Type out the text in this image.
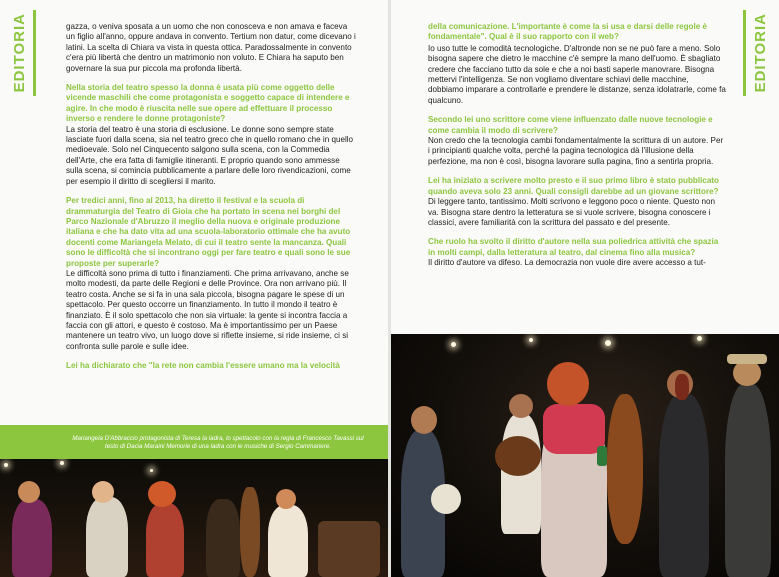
EDITORIA	gazza, o veniva sposata a un uomo che non conosceva e non amava e faceva un figlio all'anno, oppure andava in convento. Tertium non datur, come dicevano i latini. La scelta di Chiara va vista in questa ottica. Paradossalmente in convento c'era più libertà che dentro un matrimonio non voluto. E Chiara ha saputo ben governare la sua pur piccola ma profonda libertà.

Nella storia del teatro spesso la donna è usata più come oggetto delle vicende maschili che come protagonista e soggetto capace di intendere e agire. In che modo è riuscita nelle sue opere ad effettuare il processo inverso e rendere le donne protagoniste?

La storia del teatro è una storia di esclusione. Le donne sono sempre state lasciate fuori dalla scena, sia nel teatro greco che in quello romano che in quello medioevale. Solo nel Cinquecento salgono sulla scena, con la Commedia dell'Arte, che era fatta di famiglie itineranti. E proprio quando sono ammesse sulla scena, si comincia pubblicamente a parlare delle loro rivendicazioni, come per esempio il diritto di scegliersi il marito.

Per tredici anni, fino al 2013, ha diretto il festival e la scuola di drammaturgia del Teatro di Gioia che ha portato in scena nei borghi del Parco Nazionale d'Abruzzo il meglio della nuova e originale produzione italiana e che ha dato vita ad una scuola-laboratorio ottimale che ha avuto docenti come Mariangela Melato, di cui il teatro sente la mancanza. Quali sono le difficoltà che si incontrano oggi per fare teatro e quali sono le sue proposte per superarle?

Le difficoltà sono prima di tutto i finanziamenti. Che prima arrivavano, anche se molto modesti, da parte delle Regioni e delle Province. Ora non arrivano più. Il teatro costa. Anche se si fa in una sala piccola, bisogna pagare le spese di un spettacolo. Per questo occorre un finanziamento. In tutto il mondo il teatro è finanziato. È il solo spettacolo che non sia virtuale: la gente si incontra faccia a faccia con gli attori, e questo è costoso. Ma è importantissimo per un Paese mantenere un teatro vivo, un luogo dove si riflette insieme, si ride insieme, ci si confronta sulle parole e sulle idee.

Lei ha dichiarato che "la rete non cambia l'essere umano ma la velocità

Mariangela D'Abbraccio protagonista di Teresa la ladra, lo spettacolo con la regia di Francesco Tavassi sul testo di Dacia Maraini Memorie di una ladra con le musiche di Sergio Cammariere.
EDITORIA

della comunicazione. L'importante è come la si usa e darsi delle regole è fondamentale". Qual è il suo rapporto con il web?

Io uso tutte le comodità tecnologiche. D'altronde non se ne può fare a meno. Solo bisogna sapere che dietro le macchine c'è sempre la mano dell'uomo. È sbagliato credere che facciano tutto da sole e che a noi basti saperle manovrare. Bisogna mettervi l'intelligenza. Se non vogliamo diventare schiavi delle macchine, dobbiamo imparare a controllarle e prendere le distanze, senza idolatrarle, come fa qualcuno.

Secondo lei uno scrittore come viene influenzato dalle nuove tecnologie e come cambia il modo di scrivere?

Non credo che la tecnologia cambi fondamentalmente la scrittura di un autore. Per i principianti qualche volta, perché la pagina tecnologica dà l'illusione della perfezione, ma non è così, bisogna lavorare sulla pagina, fino a sentirla propria.

Lei ha iniziato a scrivere molto presto e il suo primo libro è stato pubblicato quando aveva solo 23 anni. Quali consigli darebbe ad un giovane scrittore?

Di leggere tanto, tantissimo. Molti scrivono e leggono poco o niente. Questo non va. Bisogna stare dentro la letteratura se si vuole scrivere, bisogna conoscere i classici, avere familiarità con la scrittura del passato e del presente.

Che ruolo ha svolto il diritto d'autore nella sua poliedrica attività che spazia in molti campi, dalla letteratura al teatro, dal cinema fino alla musica?

Il diritto d'autore va difeso. La democrazia non vuole dire avere accesso a tut-
